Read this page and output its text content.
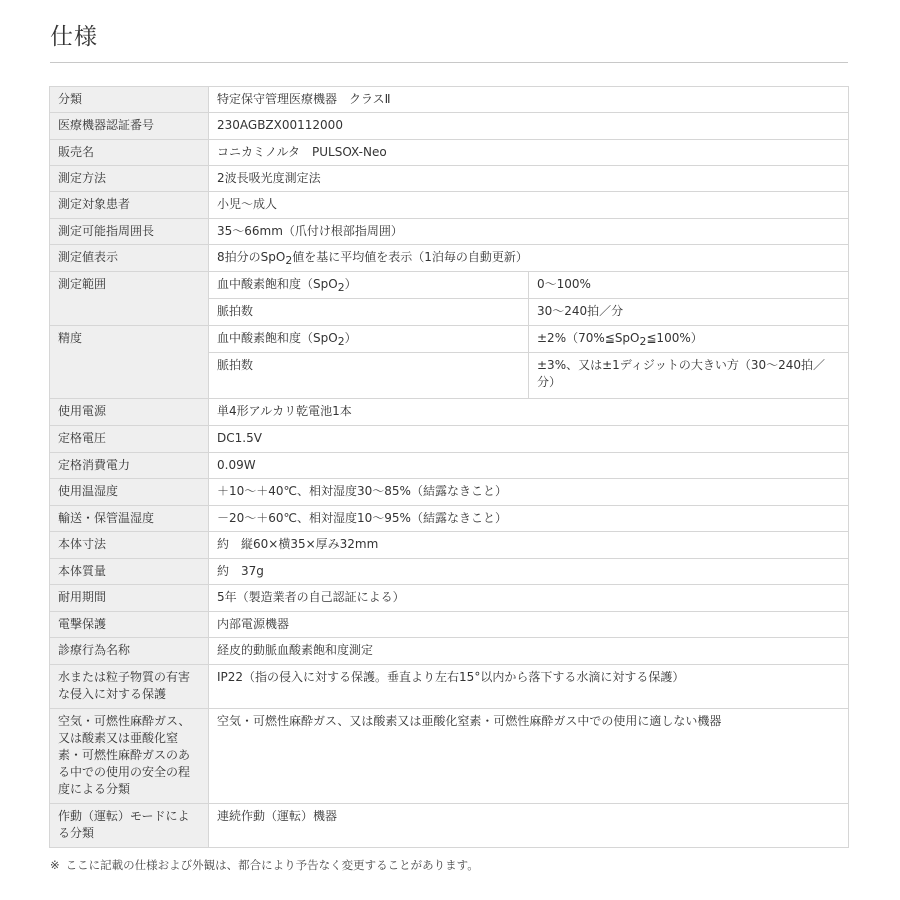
仕様
分類	特定保守管理医療機器　クラスⅡ	
医療機器認証番号	230AGBZX00112000	
販売名	コニカミノルタ　PULSOX-Neo	
測定方法	2波長吸光度測定法	
測定対象患者	小児～成人	
測定可能指周囲長	35～66mm（爪付け根部指周囲）	
測定値表示	8拍分のSpO$_2$値を基に平均値を表示（1泊毎の自動更新）	
測定範囲	血中酸素飽和度（SpO$_2$）	0～100%
	脈拍数	30～240拍／分
精度	血中酸素飽和度（SpO$_2$）	±2%（70%≦SpO$_2$≦100%）
	脈拍数	±3%、又は±1ディジットの大きい方（30～240拍／分）
使用電源	単4形アルカリ乾電池1本	
定格電圧	DC1.5V	
定格消費電力	0.09W	
使用温湿度	＋10～＋40℃、相対湿度30～85%（結露なきこと）	
輸送・保管温湿度	－20～＋60℃、相対湿度10～95%（結露なきこと）	
本体寸法	約　縦60×横35×厚み32mm	
本体質量	約　37g	
耐用期間	5年（製造業者の自己認証による）	
電撃保護	内部電源機器	
診療行為名称	経皮的動脈血酸素飽和度測定	
水または粒子物質の有害な侵入に対する保護	IP22（指の侵入に対する保護。垂直より左右15°以内から落下する水滴に対する保護）	
空気・可燃性麻酔ガス、又は酸素又は亜酸化窒素・可燃性麻酔ガスのある中での使用の安全の程度による分類	空気・可燃性麻酔ガス、又は酸素又は亜酸化窒素・可燃性麻酔ガス中での使用に適しない機器	
作動（運転）モードによる分類	連続作動（運転）機器	
※ ここに記載の仕様および外観は、都合により予告なく変更することがあります。
